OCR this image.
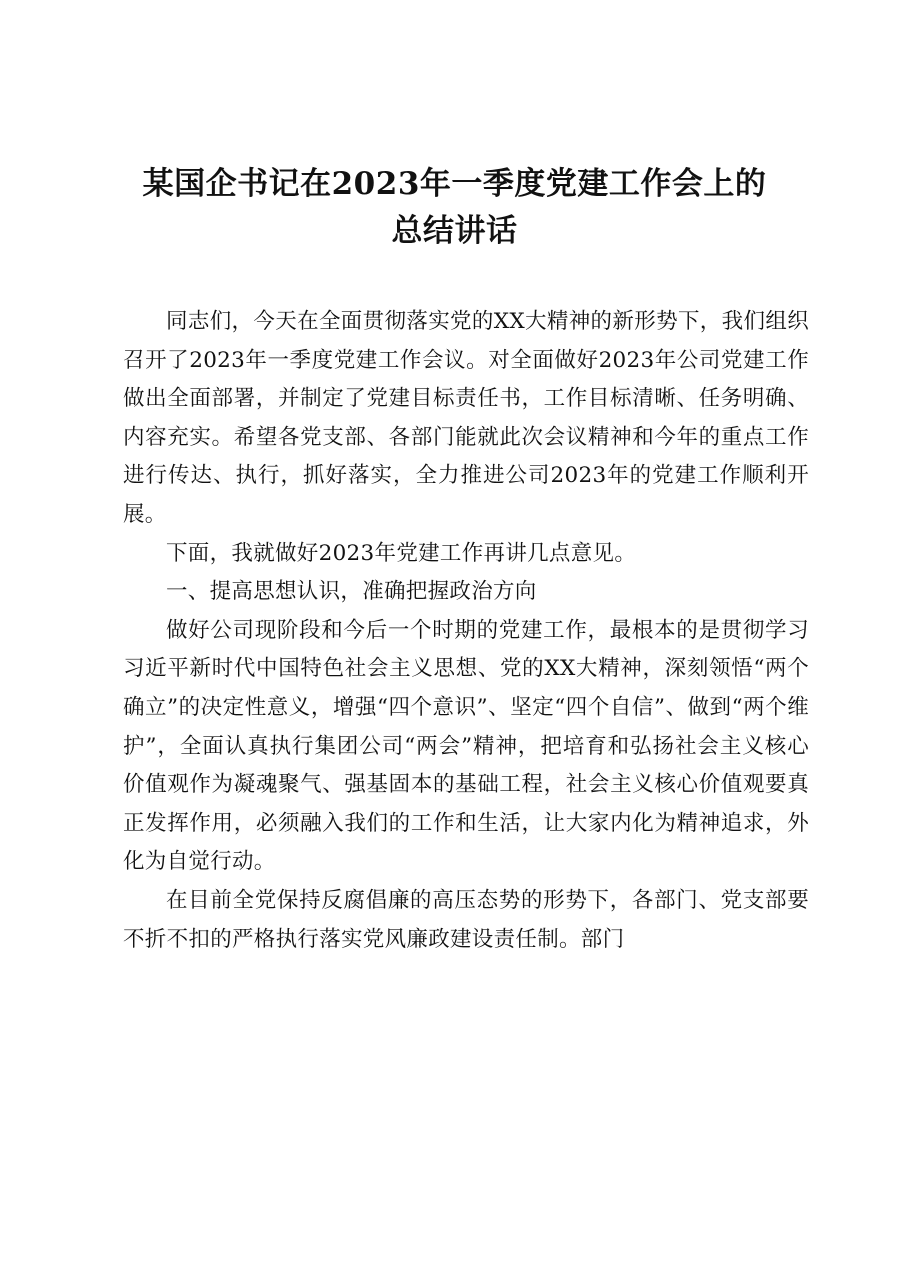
某国企书记在2023年一季度党建工作会上的
总结讲话

同志们，今天在全面贯彻落实党的XX大精神的新形势下，我们组织召开了2023年一季度党建工作会议。对全面做好2023年公司党建工作做出全面部署，并制定了党建目标责任书，工作目标清晰、任务明确、内容充实。希望各党支部、各部门能就此次会议精神和今年的重点工作进行传达、执行，抓好落实，全力推进公司2023年的党建工作顺利开展。

下面，我就做好2023年党建工作再讲几点意见。

一、提高思想认识，准确把握政治方向

做好公司现阶段和今后一个时期的党建工作，最根本的是贯彻学习习近平新时代中国特色社会主义思想、党的XX大精神，深刻领悟“两个确立”的决定性意义，增强“四个意识”、坚定“四个自信”、做到“两个维护”，全面认真执行集团公司“两会”精神，把培育和弘扬社会主义核心价值观作为凝魂聚气、强基固本的基础工程，社会主义核心价值观要真正发挥作用，必须融入我们的工作和生活，让大家内化为精神追求，外化为自觉行动。

在目前全党保持反腐倡廉的高压态势的形势下，各部门、党支部要不折不扣的严格执行落实党风廉政建设责任制。部门
